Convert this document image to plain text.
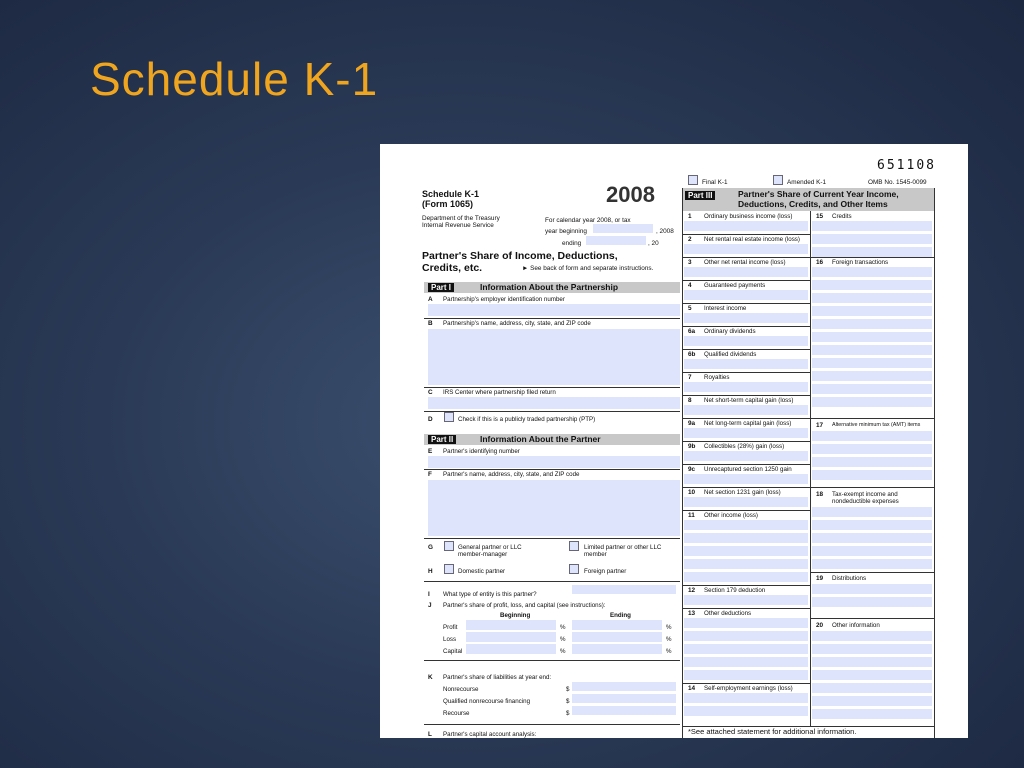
Schedule K-1
651108
Final K-1	Amended K-1	OMB No. 1545-0099
Schedule K-1
(Form 1065)	2008
Department of the Treasury
Internal Revenue Service
For calendar year 2008, or tax
year beginning	, 2008
ending	, 20
Partner's Share of Income, Deductions,
Credits, etc.	► See back of form and separate instructions.
Part I	Information About the Partnership
A Partnership's employer identification number
B Partnership's name, address, city, state, and ZIP code
C IRS Center where partnership filed return
D	Check if this is a publicly traded partnership (PTP)
Part II	Information About the Partner
E Partner's identifying number
F Partner's name, address, city, state, and ZIP code
G	General partner or LLC
member-manager
Limited partner or other LLC
member
H	Domestic partner	Foreign partner
I What type of entity is this partner?
J Partner's share of profit, loss, and capital (see instructions):
Beginning	Ending
Profit	%	%
Loss	%	%
Capital	%	%
K Partner's share of liabilities at year end:
Nonrecourse	$
Qualified nonrecourse financing	$
Recourse	$
L Partner's capital account analysis:
Part III	Partner's Share of Current Year Income,
Deductions, Credits, and Other Items
1 Ordinary business income (loss)
2 Net rental real estate income (loss)
3 Other net rental income (loss)
4 Guaranteed payments
5 Interest income
6a Ordinary dividends
6b Qualified dividends
7 Royalties
8 Net short-term capital gain (loss)
9a Net long-term capital gain (loss)
9b Collectibles (28%) gain (loss)
9c Unrecaptured section 1250 gain
10 Net section 1231 gain (loss)
11 Other income (loss)
12 Section 179 deduction
13 Other deductions
14 Self-employment earnings (loss)
15 Credits
16 Foreign transactions
17 Alternative minimum tax (AMT) items
18 Tax-exempt income and
nondeductible expenses
19 Distributions
20 Other information
*See attached statement for additional information.
